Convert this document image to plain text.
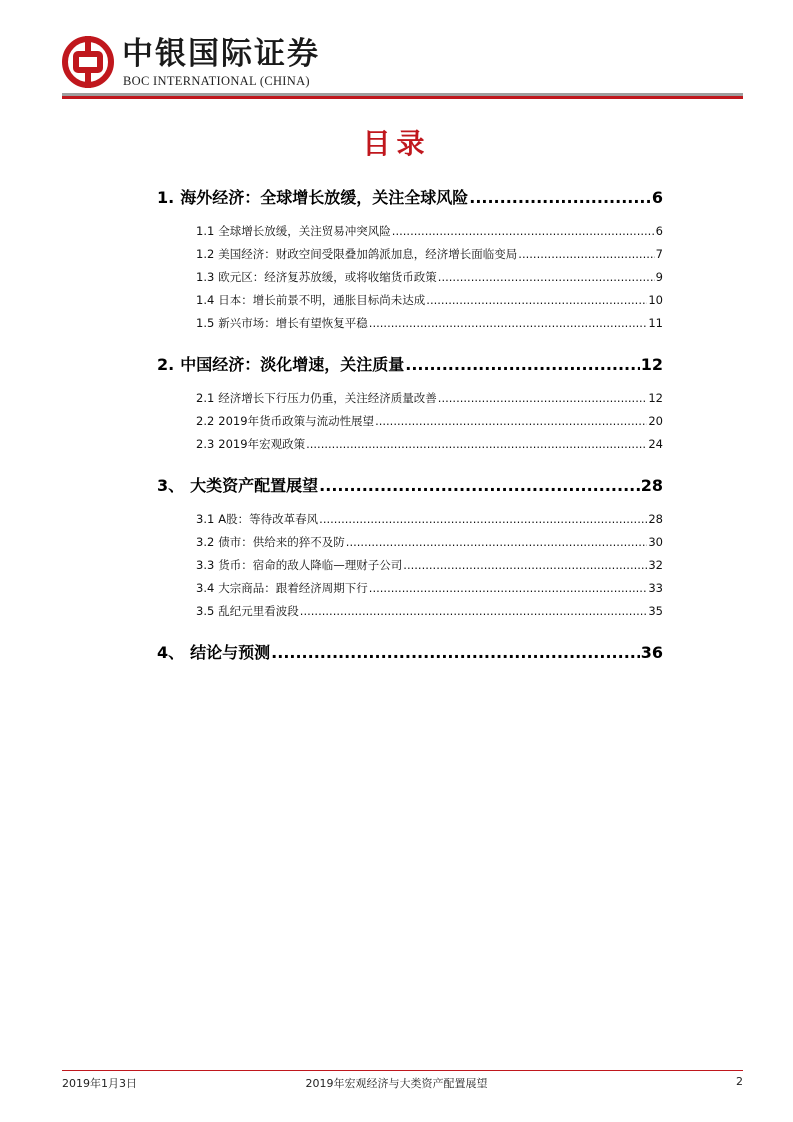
中银国际证券
BOC INTERNATIONAL (CHINA)
目录
1. 海外经济：全球增长放缓，关注全球风险 .....	6
1.1 全球增长放缓，关注贸易冲突风险 .....	6
1.2 美国经济：财政空间受限叠加鸽派加息，经济增长面临变局 .....	7
1.3 欧元区：经济复苏放缓，或将收缩货币政策 .....	9
1.4 日本：增长前景不明，通胀目标尚未达成 .....	10
1.5 新兴市场：增长有望恢复平稳 .....	11
2. 中国经济：淡化增速，关注质量 .....	12
2.1 经济增长下行压力仍重，关注经济质量改善 .....	12
2.2 2019年货币政策与流动性展望 .....	20
2.3 2019年宏观政策 .....	24
3、 大类资产配置展望 .....	28
3.1 A股：等待改革春风 .....	28
3.2 债市：供给来的猝不及防 .....	30
3.3 货币：宿命的敌人降临—理财子公司 .....	32
3.4 大宗商品：跟着经济周期下行 .....	33
3.5 乱纪元里看波段 .....	35
4、 结论与预测 .....	36
2019年1月3日	2019年宏观经济与大类资产配置展望	2
